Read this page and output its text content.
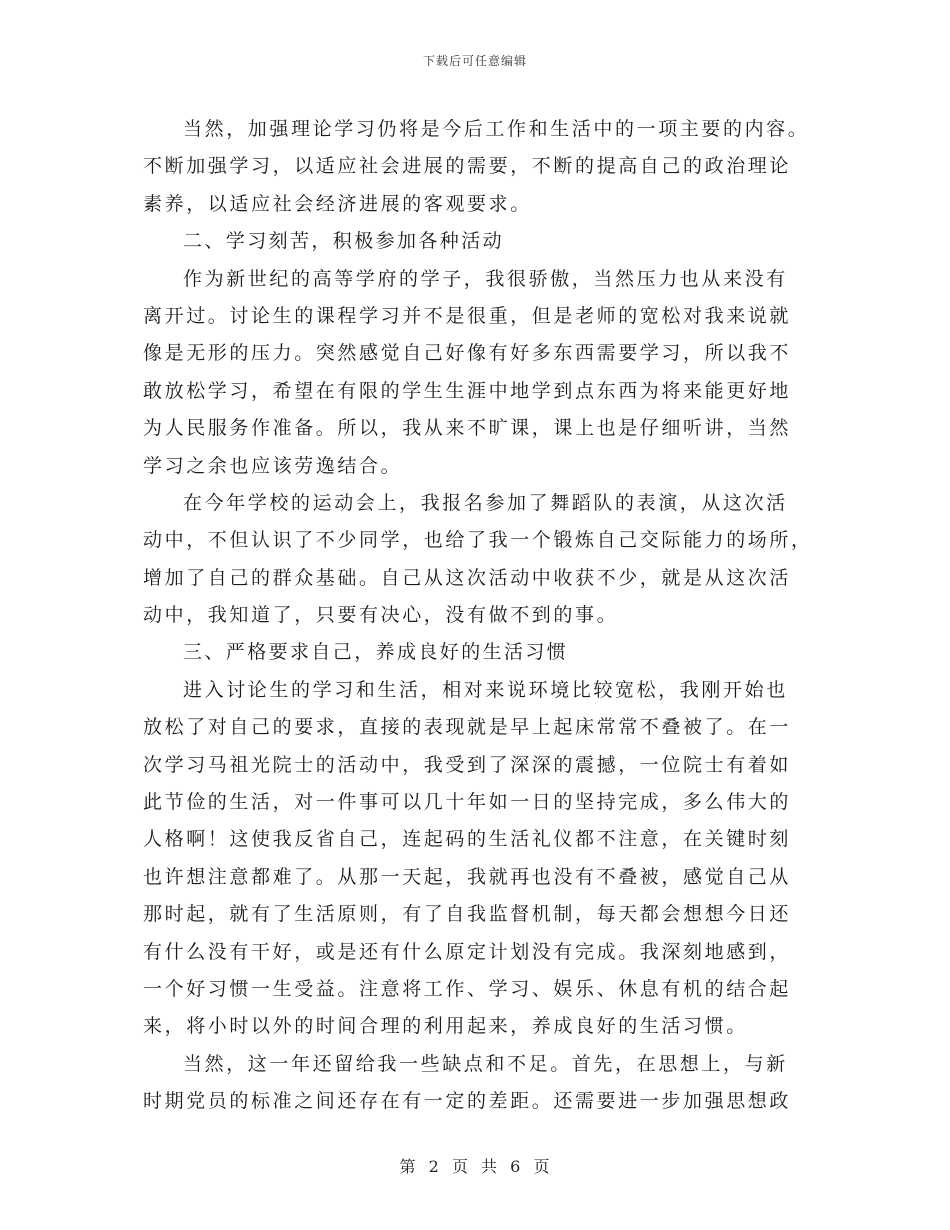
下载后可任意编辑
当然，加强理论学习仍将是今后工作和生活中的一项主要的内容。
不断加强学习，以适应社会进展的需要，不断的提高自己的政治理论
素养，以适应社会经济进展的客观要求。
二、学习刻苦，积极参加各种活动
作为新世纪的高等学府的学子，我很骄傲，当然压力也从来没有
离开过。讨论生的课程学习并不是很重，但是老师的宽松对我来说就
像是无形的压力。突然感觉自己好像有好多东西需要学习，所以我不
敢放松学习，希望在有限的学生生涯中地学到点东西为将来能更好地
为人民服务作准备。所以，我从来不旷课，课上也是仔细听讲，当然
学习之余也应该劳逸结合。
在今年学校的运动会上，我报名参加了舞蹈队的表演，从这次活
动中，不但认识了不少同学，也给了我一个锻炼自己交际能力的场所，
增加了自己的群众基础。自己从这次活动中收获不少，就是从这次活
动中，我知道了，只要有决心，没有做不到的事。
三、严格要求自己，养成良好的生活习惯
进入讨论生的学习和生活，相对来说环境比较宽松，我刚开始也
放松了对自己的要求，直接的表现就是早上起床常常不叠被了。在一
次学习马祖光院士的活动中，我受到了深深的震撼，一位院士有着如
此节俭的生活，对一件事可以几十年如一日的坚持完成，多么伟大的
人格啊！这使我反省自己，连起码的生活礼仪都不注意，在关键时刻
也许想注意都难了。从那一天起，我就再也没有不叠被，感觉自己从
那时起，就有了生活原则，有了自我监督机制，每天都会想想今日还
有什么没有干好，或是还有什么原定计划没有完成。我深刻地感到，
一个好习惯一生受益。注意将工作、学习、娱乐、休息有机的结合起
来，将小时以外的时间合理的利用起来，养成良好的生活习惯。
当然，这一年还留给我一些缺点和不足。首先，在思想上，与新
时期党员的标准之间还存在有一定的差距。还需要进一步加强思想政
第 2 页 共 6 页
